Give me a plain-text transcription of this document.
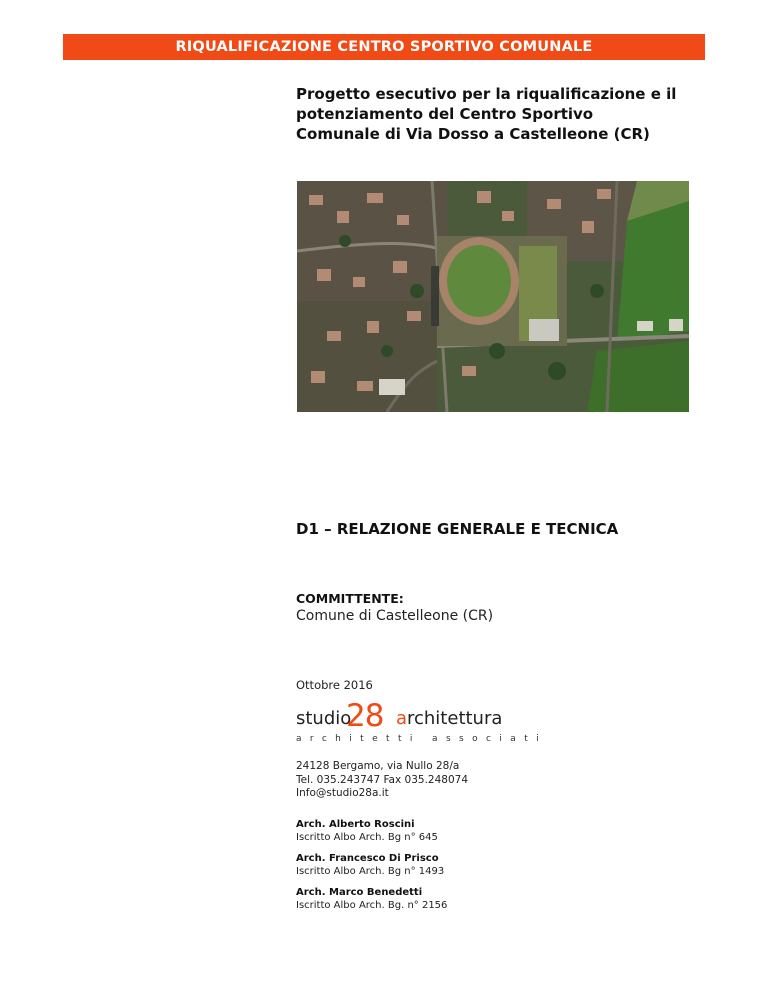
RIQUALIFICAZIONE CENTRO SPORTIVO COMUNALE
Progetto esecutivo per la riqualificazione e il
potenziamento del Centro Sportivo
Comunale di Via Dosso a Castelleone (CR)
D1 – RELAZIONE GENERALE E TECNICA
COMMITTENTE:
Comune di Castelleone (CR)
Ottobre 2016
studio
28 a rchitettura
architetti associati
24128 Bergamo, via Nullo 28/a
Tel. 035.243747 Fax 035.248074
Info@studio28a.it
Arch. Alberto Roscini
Iscritto Albo Arch. Bg n° 645
Arch. Francesco Di Prisco
Iscritto Albo Arch. Bg n° 1493
Arch. Marco Benedetti
Iscritto Albo Arch. Bg. n° 2156
